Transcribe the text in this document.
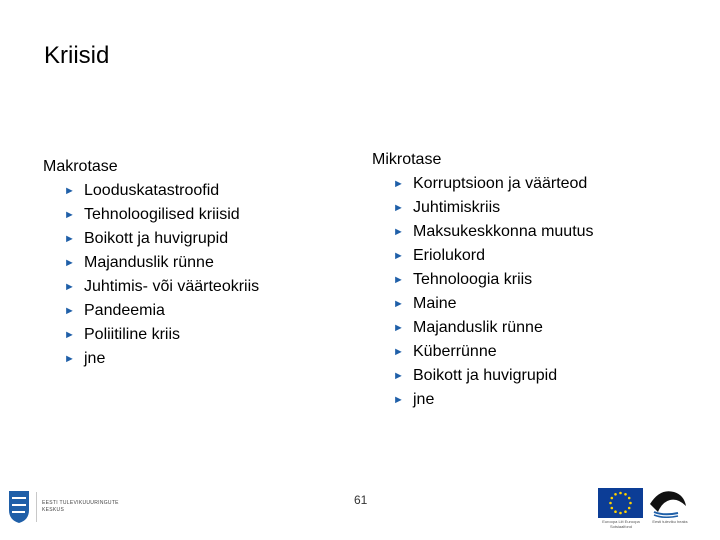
Kriisid

Makrotase

► Looduskatastroofid
► Tehnoloogilised kriisid
► Boikott ja huvigrupid
► Majanduslik rünne
► Juhtimis- või väärteokriis
► Pandeemia
► Poliitiline kriis
► jne

Mikrotase

► Korruptsioon ja väärteod
► Juhtimiskriis
► Maksukeskkonna muutus
► Eriolukord
► Tehnoloogia kriis
► Maine
► Majanduslik rünne
► Küberrünne
► Boikott ja huvigrupid
► jne
61
EESTI TULEVIKUUURINGUTE
KESKUS
Euroopa Liit Euroopa Sotsiaalfond
Eesti tuleviku heaks
